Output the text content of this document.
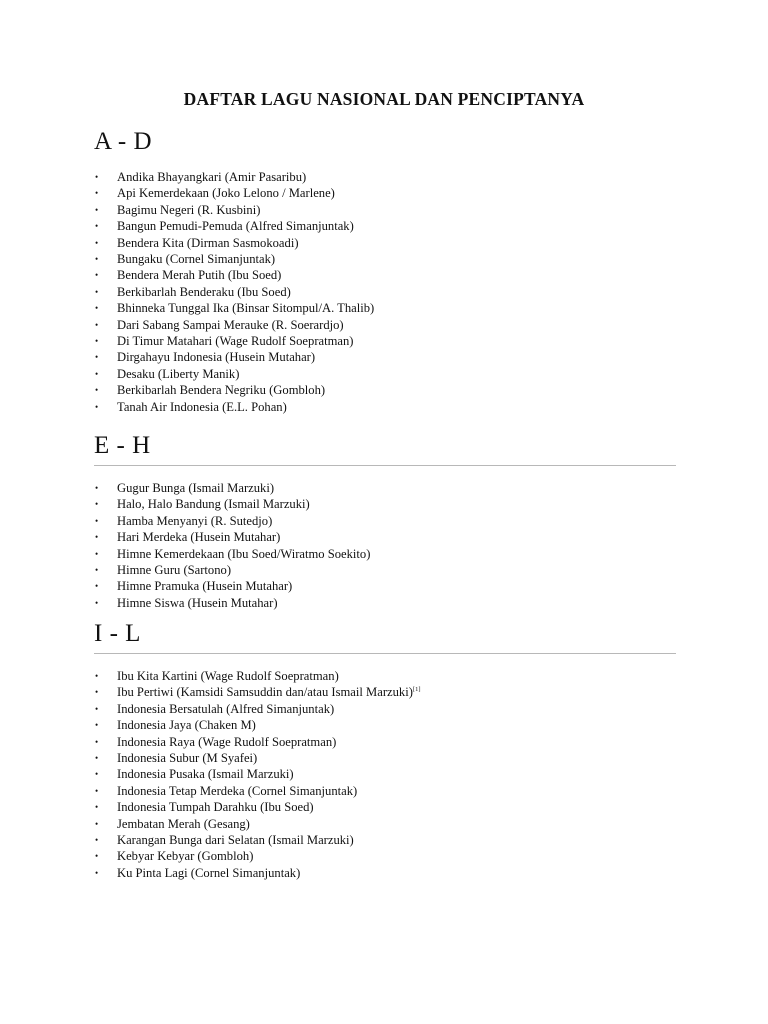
DAFTAR LAGU NASIONAL DAN PENCIPTANYA
A - D
• Andika Bhayangkari (Amir Pasaribu)
• Api Kemerdekaan (Joko Lelono / Marlene)
• Bagimu Negeri (R. Kusbini)
• Bangun Pemudi-Pemuda (Alfred Simanjuntak)
• Bendera Kita (Dirman Sasmokoadi)
• Bungaku (Cornel Simanjuntak)
• Bendera Merah Putih (Ibu Soed)
• Berkibarlah Benderaku (Ibu Soed)
• Bhinneka Tunggal Ika (Binsar Sitompul/A. Thalib)
• Dari Sabang Sampai Merauke (R. Soerardjo)
• Di Timur Matahari (Wage Rudolf Soepratman)
• Dirgahayu Indonesia (Husein Mutahar)
• Desaku (Liberty Manik)
• Berkibarlah Bendera Negriku (Gombloh)
• Tanah Air Indonesia (E.L. Pohan)
E - H
• Gugur Bunga (Ismail Marzuki)
• Halo, Halo Bandung (Ismail Marzuki)
• Hamba Menyanyi (R. Sutedjo)
• Hari Merdeka (Husein Mutahar)
• Himne Kemerdekaan (Ibu Soed/Wiratmo Soekito)
• Himne Guru (Sartono)
• Himne Pramuka (Husein Mutahar)
• Himne Siswa (Husein Mutahar)
I - L
• Ibu Kita Kartini (Wage Rudolf Soepratman)
• Ibu Pertiwi (Kamsidi Samsuddin dan/atau Ismail Marzuki)[1]
• Indonesia Bersatulah (Alfred Simanjuntak)
• Indonesia Jaya (Chaken M)
• Indonesia Raya (Wage Rudolf Soepratman)
• Indonesia Subur (M Syafei)
• Indonesia Pusaka (Ismail Marzuki)
• Indonesia Tetap Merdeka (Cornel Simanjuntak)
• Indonesia Tumpah Darahku (Ibu Soed)
• Jembatan Merah (Gesang)
• Karangan Bunga dari Selatan (Ismail Marzuki)
• Kebyar Kebyar (Gombloh)
• Ku Pinta Lagi (Cornel Simanjuntak)
